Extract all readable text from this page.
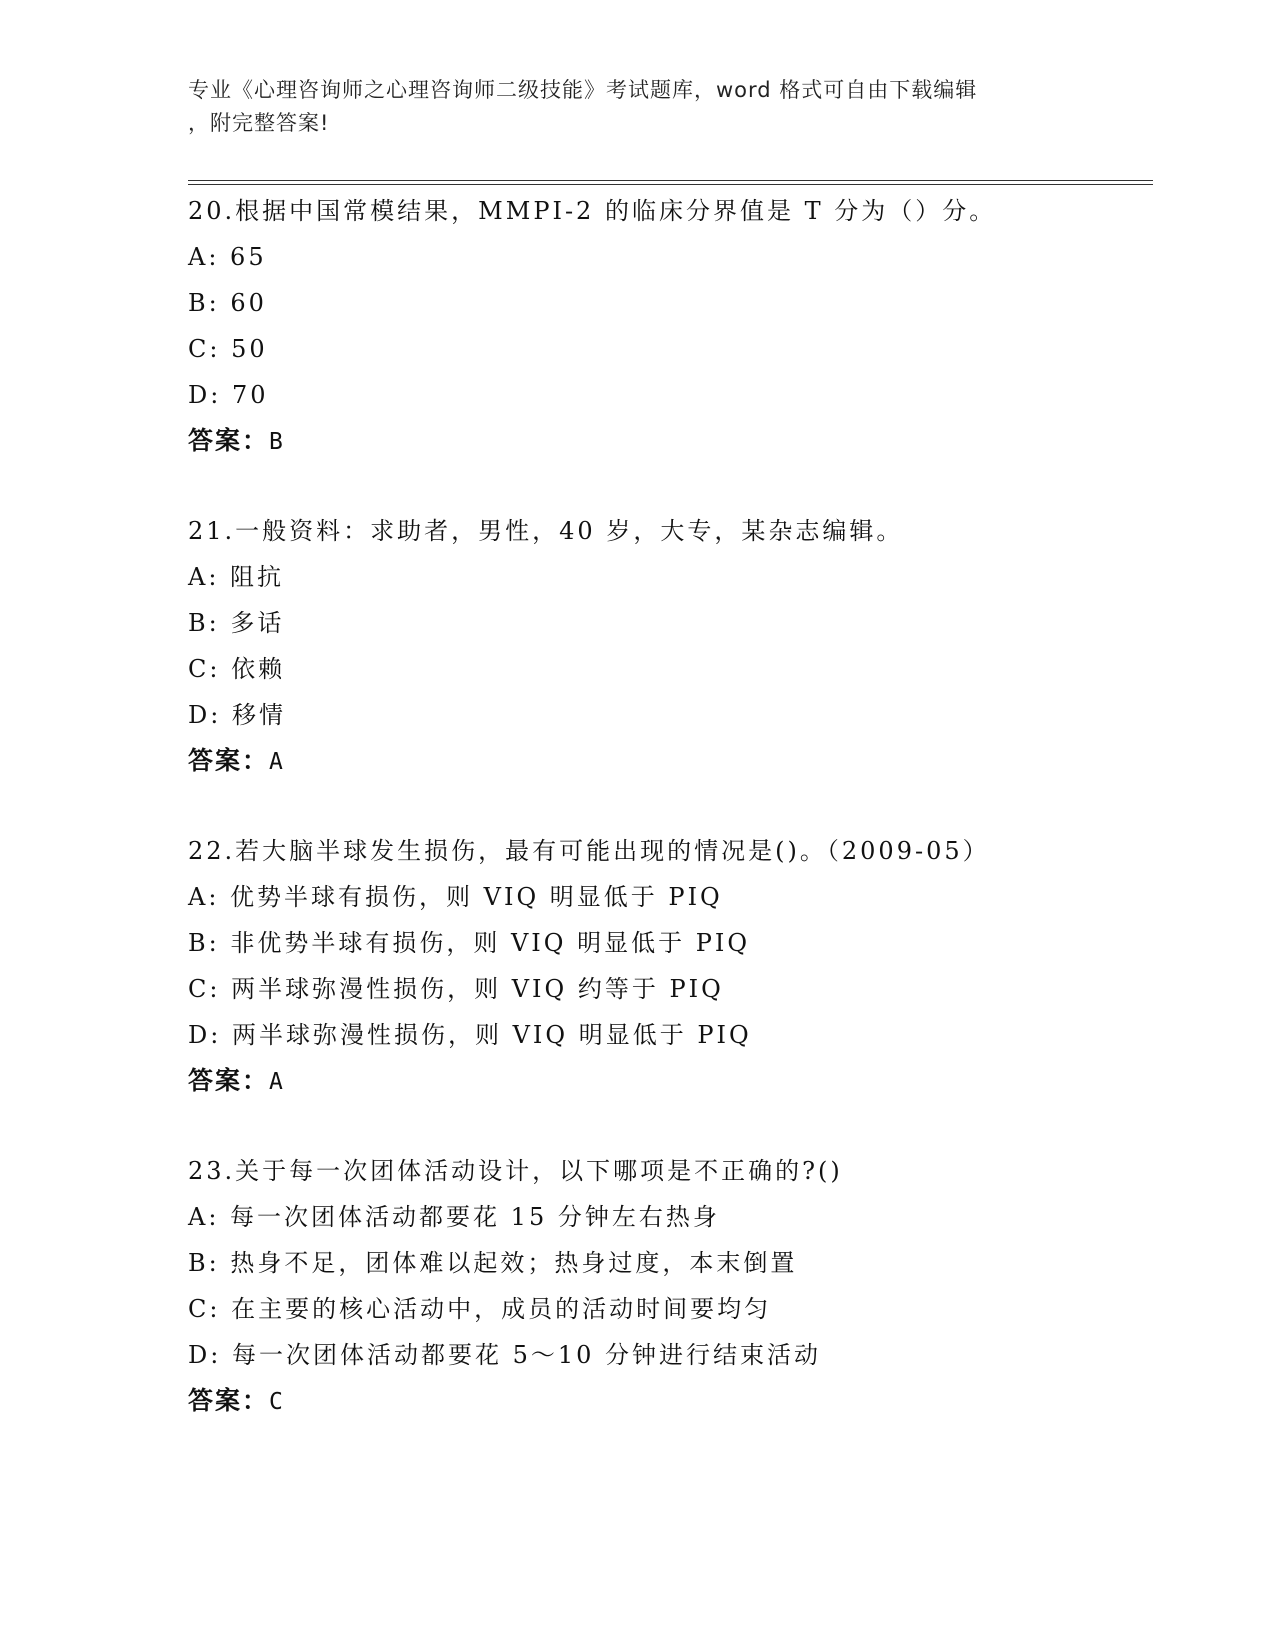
专业《心理咨询师之心理咨询师二级技能》考试题库，word 格式可自由下载编辑
，附完整答案!
20.根据中国常模结果，MMPI-2 的临床分界值是 T 分为（）分。
A: 65
B: 60
C: 50
D: 70
答案：B
21.一般资料：求助者，男性，40 岁，大专，某杂志编辑。
A: 阻抗
B: 多话
C: 依赖
D: 移情
答案：A
22.若大脑半球发生损伤，最有可能出现的情况是()。（2009-05）
A: 优势半球有损伤，则 VIQ 明显低于 PIQ
B: 非优势半球有损伤，则 VIQ 明显低于 PIQ
C: 两半球弥漫性损伤，则 VIQ 约等于 PIQ
D: 两半球弥漫性损伤，则 VIQ 明显低于 PIQ
答案：A
23.关于每一次团体活动设计，以下哪项是不正确的?()
A: 每一次团体活动都要花 15 分钟左右热身
B: 热身不足，团体难以起效；热身过度，本末倒置
C: 在主要的核心活动中，成员的活动时间要均匀
D: 每一次团体活动都要花 5～10 分钟进行结束活动
答案：C
